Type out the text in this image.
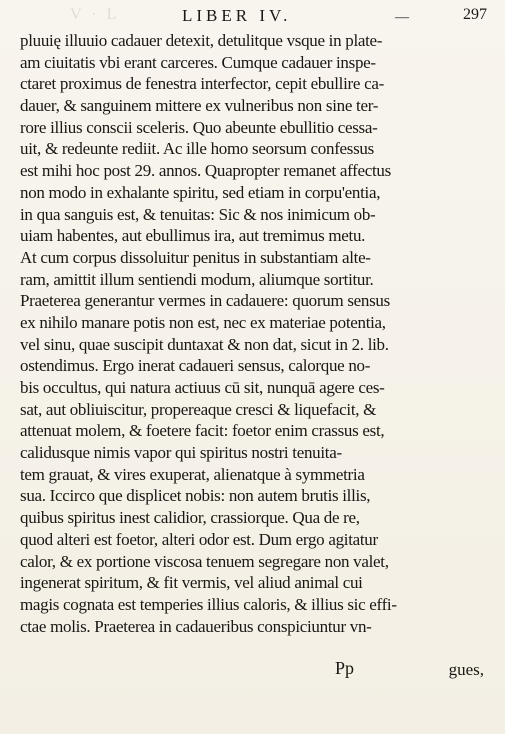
V · L	LIBER IV.	—	297
pluuię illuuio cadauer detexit, detulitque vsque in plate-
am ciuitatis vbi erant carceres. Cumque cadauer inspe-
ctaret proximus de fenestra interfector, cepit ebullire ca-
dauer, & sanguinem mittere ex vulneribus non sine ter-
rore illius conscii sceleris. Quo abeunte ebullitio cessa-
uit, & redeunte rediit. Ac ille homo seorsum confessus
est mihi hoc post 29. annos. Quapropter remanet affectus
non modo in exhalante spiritu, sed etiam in corpu'entia,
in qua sanguis est, & tenuitas: Sic & nos inimicum ob-
uiam habentes, aut ebullimus ira, aut tremimus metu.
At cum corpus dissoluitur penitus in substantiam alte-
ram, amittit illum sentiendi modum, aliumque sortitur.
Praeterea generantur vermes in cadauere: quorum sensus
ex nihilo manare potis non est, nec ex materiae potentia,
vel sinu, quae suscipit duntaxat & non dat, sicut in 2. lib.
ostendimus. Ergo inerat cadaueri sensus, calorque no-
bis occultus, qui natura actiuus cū sit, nunquā agere ces-
sat, aut obliuiscitur, propereaque cresci & liquefacit, &
attenuat molem, & foetere facit: foetor enim crassus est,
calidusque nimis vapor qui spiritus nostri tenuita-
tem grauat, & vires exuperat, alienatque à symmetria
sua. Iccirco que displicet nobis: non autem brutis illis,
quibus spiritus inest calidior, crassiorque. Qua de re,
quod alteri est foetor, alteri odor est. Dum ergo agitatur
calor, & ex portione viscosa tenuem segregare non valet,
ingenerat spiritum, & fit vermis, vel aliud animal cui
magis cognata est temperies illius caloris, & illius sic effi-
ctae molis. Praeterea in cadaueribus conspiciuntur vn-
Pp	gues,
